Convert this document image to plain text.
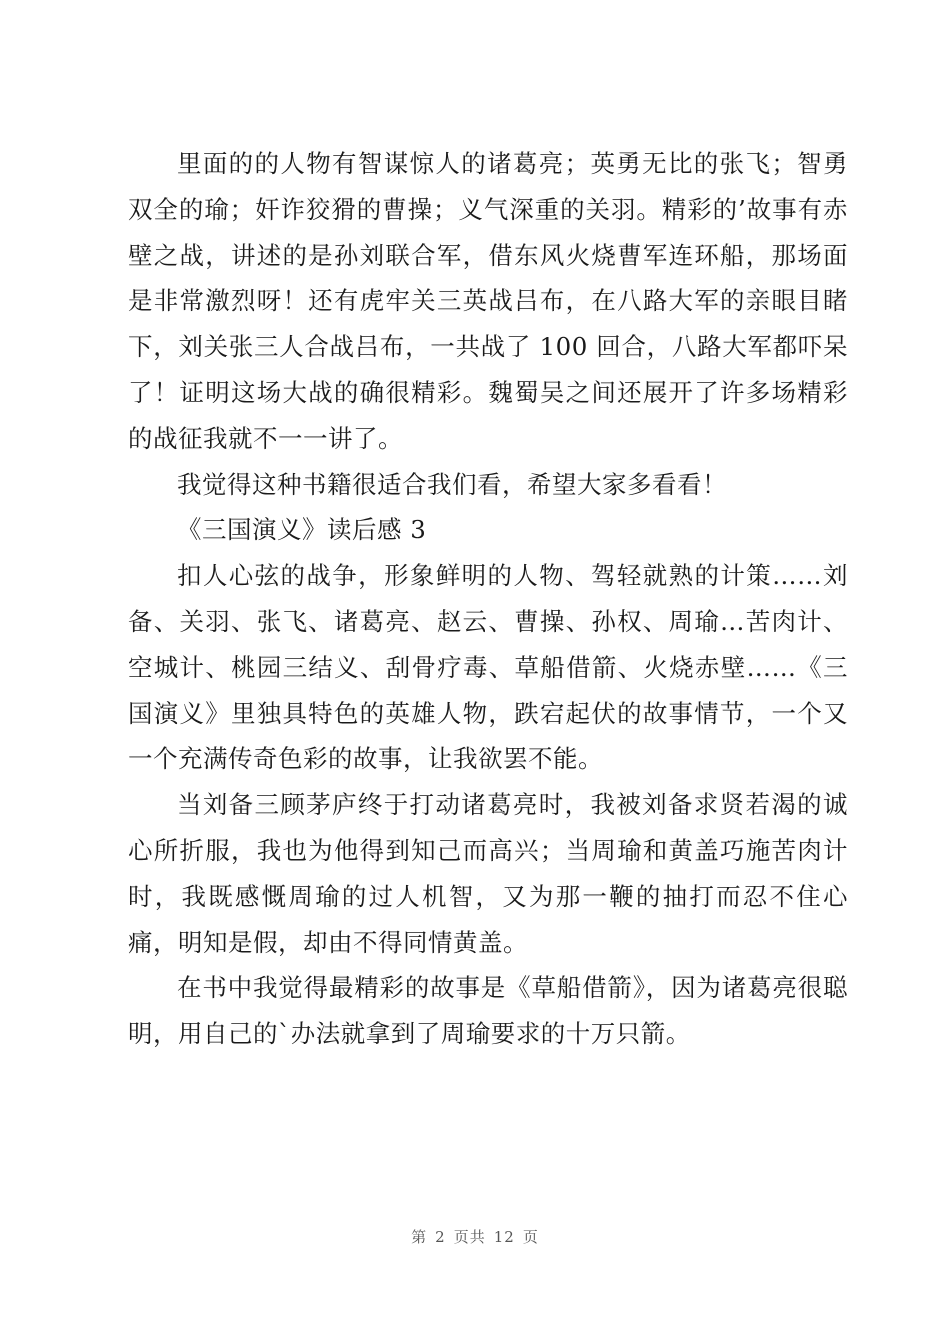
里面的的人物有智谋惊人的诸葛亮；英勇无比的张飞；智勇双全的瑜；奸诈狡猾的曹操；义气深重的关羽。精彩的’故事有赤壁之战，讲述的是孙刘联合军，借东风火烧曹军连环船，那场面是非常激烈呀！还有虎牢关三英战吕布，在八路大军的亲眼目睹下，刘关张三人合战吕布，一共战了 100 回合，八路大军都吓呆了！证明这场大战的确很精彩。魏蜀吴之间还展开了许多场精彩的战征我就不一一讲了。

我觉得这种书籍很适合我们看，希望大家多看看！

《三国演义》读后感 3

扣人心弦的战争，形象鲜明的人物、驾轻就熟的计策……刘备、关羽、张飞、诸葛亮、赵云、曹操、孙权、周瑜…苦肉计、空城计、桃园三结义、刮骨疗毒、草船借箭、火烧赤壁……《三国演义》里独具特色的英雄人物，跌宕起伏的故事情节，一个又一个充满传奇色彩的故事，让我欲罢不能。

当刘备三顾茅庐终于打动诸葛亮时，我被刘备求贤若渴的诚心所折服，我也为他得到知己而高兴；当周瑜和黄盖巧施苦肉计时，我既感慨周瑜的过人机智，又为那一鞭的抽打而忍不住心痛，明知是假，却由不得同情黄盖。

在书中我觉得最精彩的故事是《草船借箭》，因为诸葛亮很聪明，用自己的`办法就拿到了周瑜要求的十万只箭。

第 2 页共 12 页
